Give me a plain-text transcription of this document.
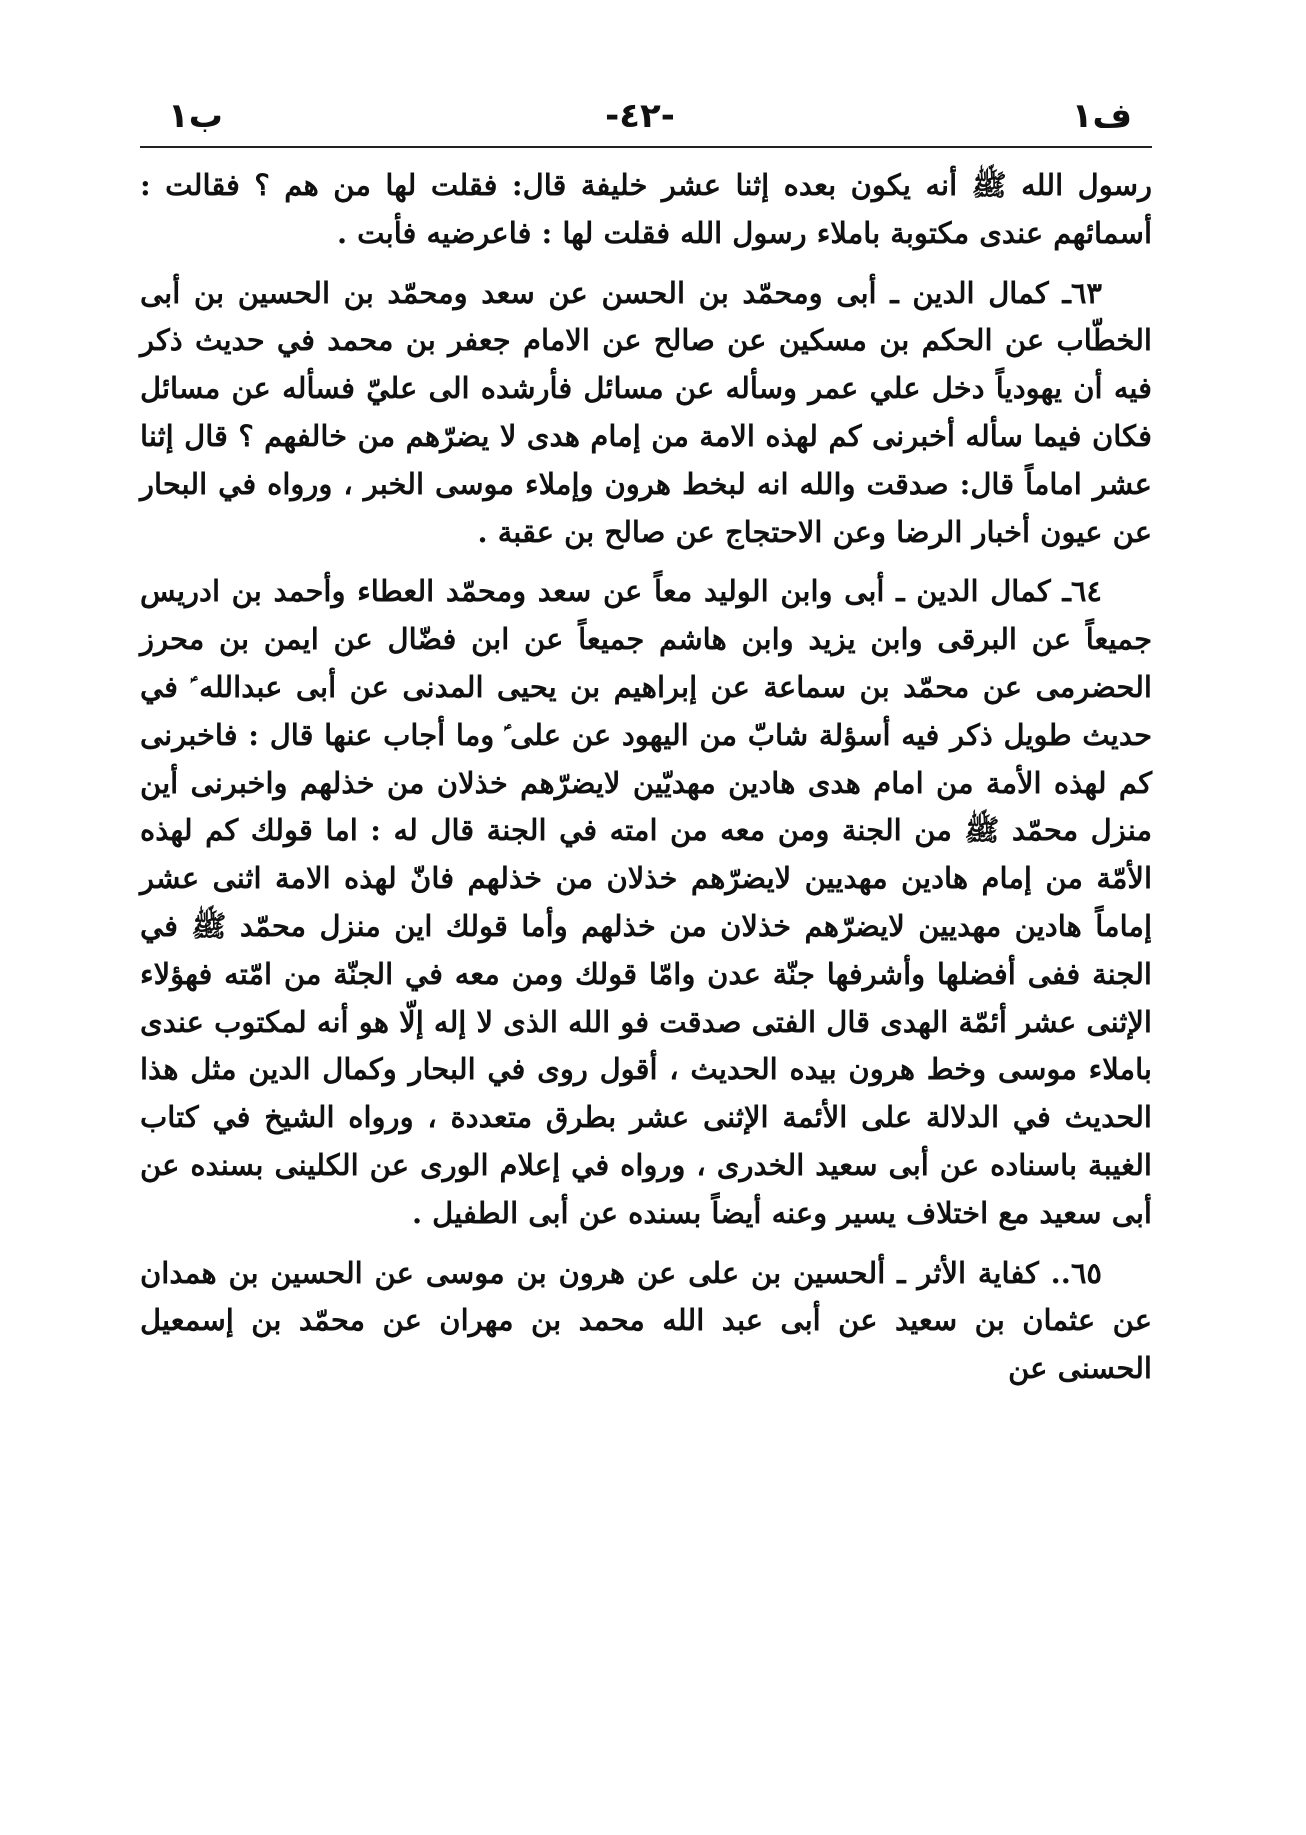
ب١	-٤٢-	ف١

رسول الله ﷺ أنه يكون بعده إثنا عشر خليفة قال: فقلت لها من هم ؟ فقالت : أسمائهم عندى مكتوبة باملاء رسول الله فقلت لها : فاعرضيه فأبت .

٦٣ـ كمال الدين ـ أبى ومحمّد بن الحسن عن سعد ومحمّد بن الحسين بن أبى الخطّاب عن الحكم بن مسكين عن صالح عن الامام جعفر بن محمد في حديث ذكر فيه أن يهودياً دخل علي عمر وسأله عن مسائل فأرشده الى عليّ فسأله عن مسائل فكان فيما سأله أخبرنى كم لهذه الامة من إمام هدى لا يضرّهم من خالفهم ؟ قال إثنا عشر اماماً قال: صدقت والله انه لبخط هرون وإملاء موسى الخبر ، ورواه في البحار عن عيون أخبار الرضا وعن الاحتجاج عن صالح بن عقبة .

٦٤ـ كمال الدين ـ أبى وابن الوليد معاً عن سعد ومحمّد العطاء وأحمد بن ادريس جميعاً عن البرقى وابن يزيد وابن هاشم جميعاً عن ابن فضّال عن ايمن بن محرز الحضرمى عن محمّد بن سماعة عن إبراهيم بن يحيى المدنى عن أبى عبدالله ؑ في حديث طويل ذكر فيه أسؤلة شابّ من اليهود عن على ؑ وما أجاب عنها قال : فاخبرنى كم لهذه الأمة من امام هدى هادين مهديّين لايضرّهم خذلان من خذلهم واخبرنى أين منزل محمّد ﷺ من الجنة ومن معه من امته في الجنة قال له : اما قولك كم لهذه الأمّة من إمام هادين مهديين لايضرّهم خذلان من خذلهم فانّ لهذه الامة اثنى عشر إماماً هادين مهديين لايضرّهم خذلان من خذلهم وأما قولك اين منزل محمّد ﷺ في الجنة ففى أفضلها وأشرفها جنّة عدن وامّا قولك ومن معه في الجنّة من امّته فهؤلاء الإثنى عشر أئمّة الهدى قال الفتى صدقت فو الله الذى لا إله إلّا هو أنه لمكتوب عندى باملاء موسى وخط هرون بيده الحديث ، أقول روى في البحار وكمال الدين مثل هذا الحديث في الدلالة على الأئمة الإثنى عشر بطرق متعددة ، ورواه الشيخ في كتاب الغيبة باسناده عن أبى سعيد الخدرى ، ورواه في إعلام الورى عن الكلينى بسنده عن أبى سعيد مع اختلاف يسير وعنه أيضاً بسنده عن أبى الطفيل .

٦٥.. كفاية الأثر ـ ألحسين بن على عن هرون بن موسى عن الحسين بن همدان عن عثمان بن سعيد عن أبى عبد الله محمد بن مهران عن محمّد بن إسمعيل الحسنى عن
